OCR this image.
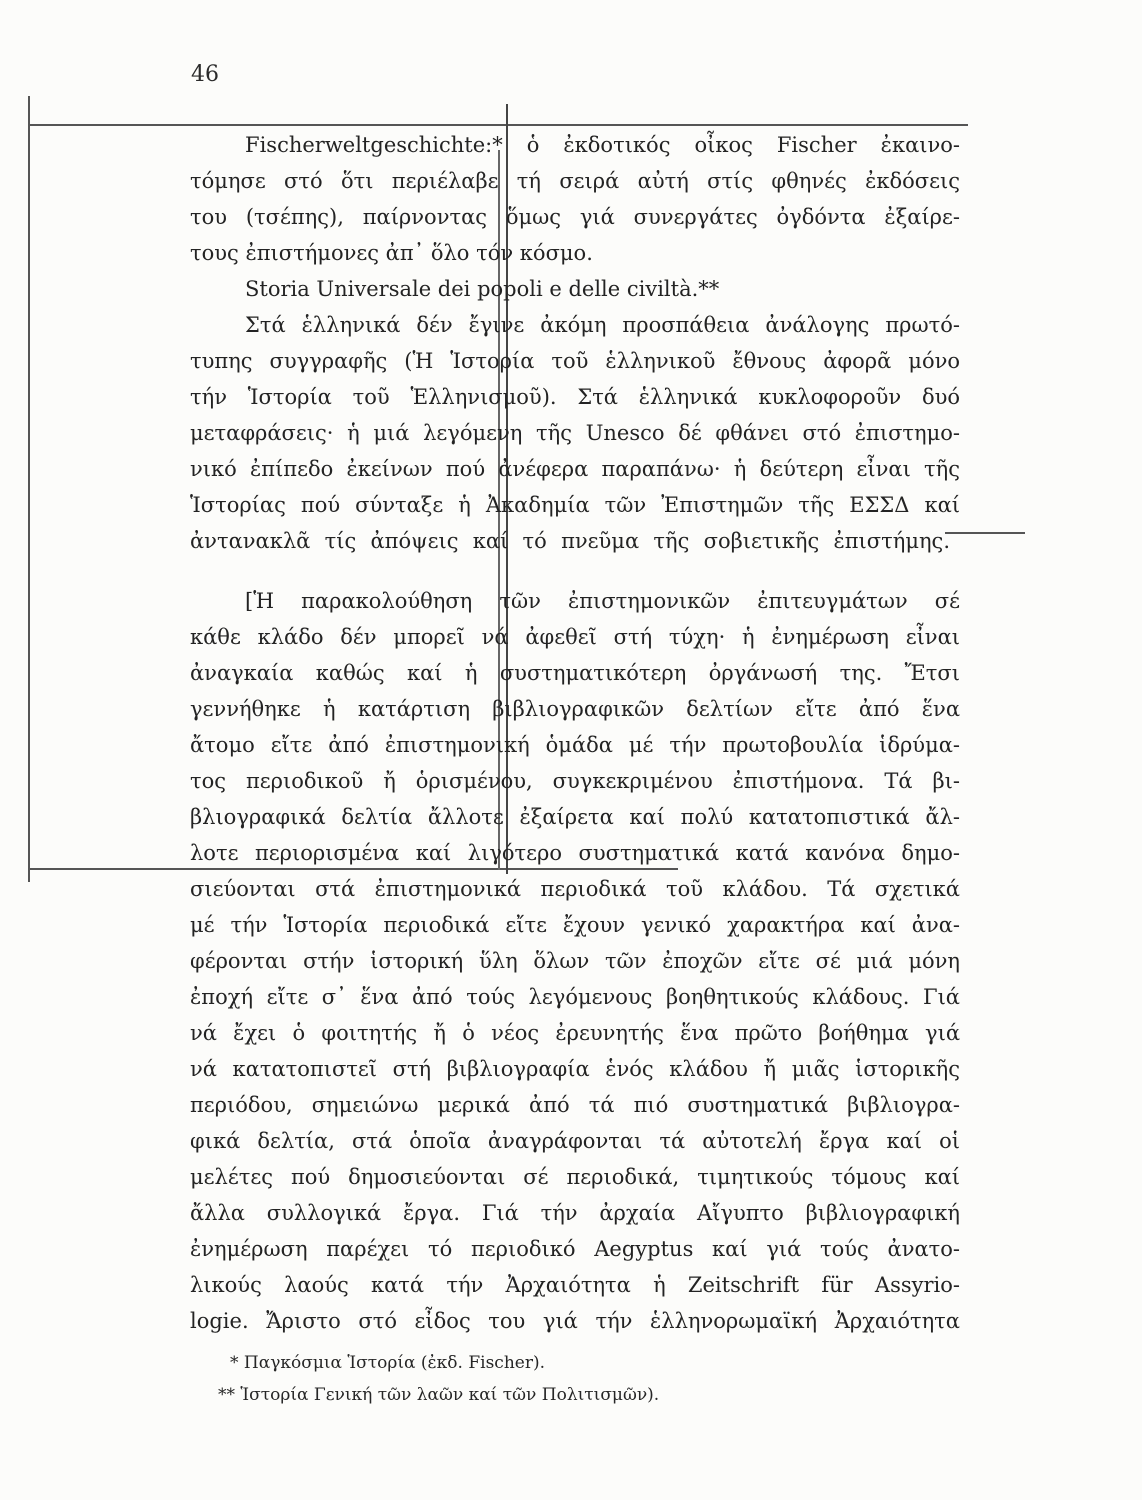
46
Fischerweltgeschichte:* ὁ ἐκδοτικός οἶκος Fischer ἐκαινο-
τόμησε στό ὅτι περιέλαβε τή σειρά αὐτή στίς φθηνές ἐκδόσεις
του (τσέπης), παίρνοντας ὅμως γιά συνεργάτες ὀγδόντα ἐξαίρε-
τους ἐπιστήμονες ἀπ᾿ ὅλο τόν κόσμο.
Storia Universale dei popoli e delle civiltà.**
Στά ἑλληνικά δέν ἔγινε ἀκόμη προσπάθεια ἀνάλογης πρωτό-
τυπης συγγραφῆς (Ἡ Ἱστορία τοῦ ἑλληνικοῦ ἔθνους ἀφορᾶ μόνο
τήν Ἱστορία τοῦ Ἑλληνισμοῦ). Στά ἑλληνικά κυκλοφοροῦν δυό
μεταφράσεις· ἡ μιά λεγόμενη τῆς Unesco δέ φθάνει στό ἐπιστημο-
νικό ἐπίπεδο ἐκείνων πού ἀνέφερα παραπάνω· ἡ δεύτερη εἶναι τῆς
Ἱστορίας πού σύνταξε ἡ Ἀκαδημία τῶν Ἐπιστημῶν τῆς ΕΣΣΔ καί
ἀντανακλᾶ τίς ἀπόψεις καί τό πνεῦμα τῆς σοβιετικῆς ἐπιστήμης.
[Ἡ παρακολούθηση τῶν ἐπιστημονικῶν ἐπιτευγμάτων σέ
κάθε κλάδο δέν μπορεῖ νά ἀφεθεῖ στή τύχη· ἡ ἐνημέρωση εἶναι
ἀναγκαία καθώς καί ἡ συστηματικότερη ὀργάνωσή της. Ἔτσι
γεννήθηκε ἡ κατάρτιση βιβλιογραφικῶν δελτίων εἴτε ἀπό ἕνα
ἄτομο εἴτε ἀπό ἐπιστημονική ὁμάδα μέ τήν πρωτοβουλία ἱδρύμα-
τος περιοδικοῦ ἤ ὁρισμένου, συγκεκριμένου ἐπιστήμονα. Τά βι-
βλιογραφικά δελτία ἄλλοτε ἐξαίρετα καί πολύ κατατοπιστικά ἄλ-
λοτε περιορισμένα καί λιγότερο συστηματικά κατά κανόνα δημο-
σιεύονται στά ἐπιστημονικά περιοδικά τοῦ κλάδου. Τά σχετικά
μέ τήν Ἱστορία περιοδικά εἴτε ἔχουν γενικό χαρακτήρα καί ἀνα-
φέρονται στήν ἱστορική ὕλη ὅλων τῶν ἐποχῶν εἴτε σέ μιά μόνη
ἐποχή εἴτε σ᾿ ἕνα ἀπό τούς λεγόμενους βοηθητικούς κλάδους. Γιά
νά ἔχει ὁ φοιτητής ἤ ὁ νέος ἐρευνητής ἕνα πρῶτο βοήθημα γιά
νά κατατοπιστεῖ στή βιβλιογραφία ἑνός κλάδου ἤ μιᾶς ἱστορικῆς
περιόδου, σημειώνω μερικά ἀπό τά πιό συστηματικά βιβλιογρα-
φικά δελτία, στά ὁποῖα ἀναγράφονται τά αὐτοτελή ἔργα καί οἱ
μελέτες πού δημοσιεύονται σέ περιοδικά, τιμητικούς τόμους καί
ἄλλα συλλογικά ἔργα. Γιά τήν ἀρχαία Αἴγυπτο βιβλιογραφική
ἐνημέρωση παρέχει τό περιοδικό Aegyptus καί γιά τούς ἀνατο-
λικούς λαούς κατά τήν Ἀρχαιότητα ἡ Zeitschrift für Assyrio-
logie. Ἄριστο στό εἶδος του γιά τήν ἑλληνορωμαϊκή Ἀρχαιότητα
* Παγκόσμια Ἱστορία (ἐκδ. Fischer).
** Ἱστορία Γενική τῶν λαῶν καί τῶν Πολιτισμῶν).
